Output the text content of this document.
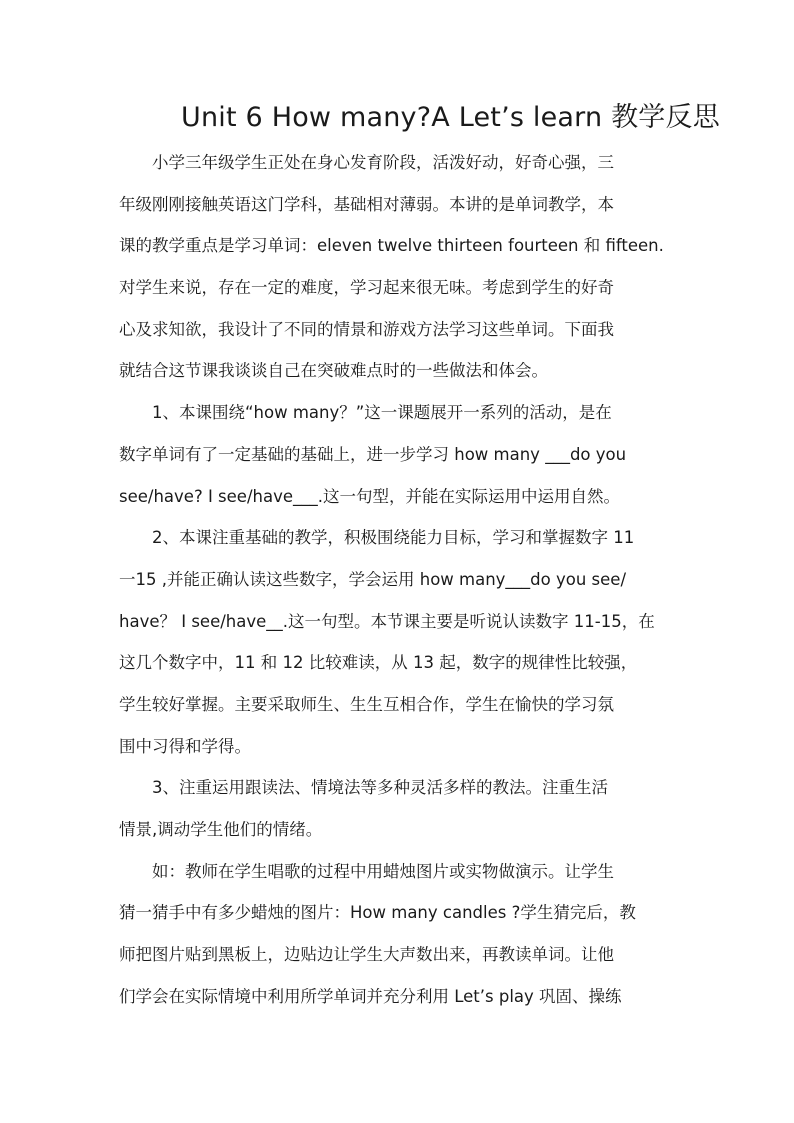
Unit 6 How many?A Let’s learn 教学反思
　　小学三年级学生正处在身心发育阶段，活泼好动，好奇心强，三
年级刚刚接触英语这门学科，基础相对薄弱。本讲的是单词教学，本
课的教学重点是学习单词：eleven twelve thirteen fourteen 和 fifteen.
对学生来说，存在一定的难度，学习起来很无味。考虑到学生的好奇
心及求知欲，我设计了不同的情景和游戏方法学习这些单词。下面我
就结合这节课我谈谈自己在突破难点时的一些做法和体会。
　　1、本课围绕“how many？”这一课题展开一系列的活动，是在
数字单词有了一定基础的基础上，进一步学习 how many ___do you
see/have? I see/have___.这一句型，并能在实际运用中运用自然。
　　2、本课注重基础的教学，积极围绕能力目标，学习和掌握数字 11
一15 ,并能正确认读这些数字，学会运用 how many___do you see/
have？ I see/have__.这一句型。本节课主要是听说认读数字 11-15，在
这几个数字中，11 和 12 比较难读，从 13 起，数字的规律性比较强，
学生较好掌握。主要采取师生、生生互相合作，学生在愉快的学习氛
围中习得和学得。
　　3、注重运用跟读法、情境法等多种灵活多样的教法。注重生活
情景,调动学生他们的情绪。
　　如：教师在学生唱歌的过程中用蜡烛图片或实物做演示。让学生
猜一猜手中有多少蜡烛的图片：How many candles ?学生猜完后，教
师把图片贴到黑板上，边贴边让学生大声数出来，再教读单词。让他
们学会在实际情境中利用所学单词并充分利用 Let’s play 巩固、操练
